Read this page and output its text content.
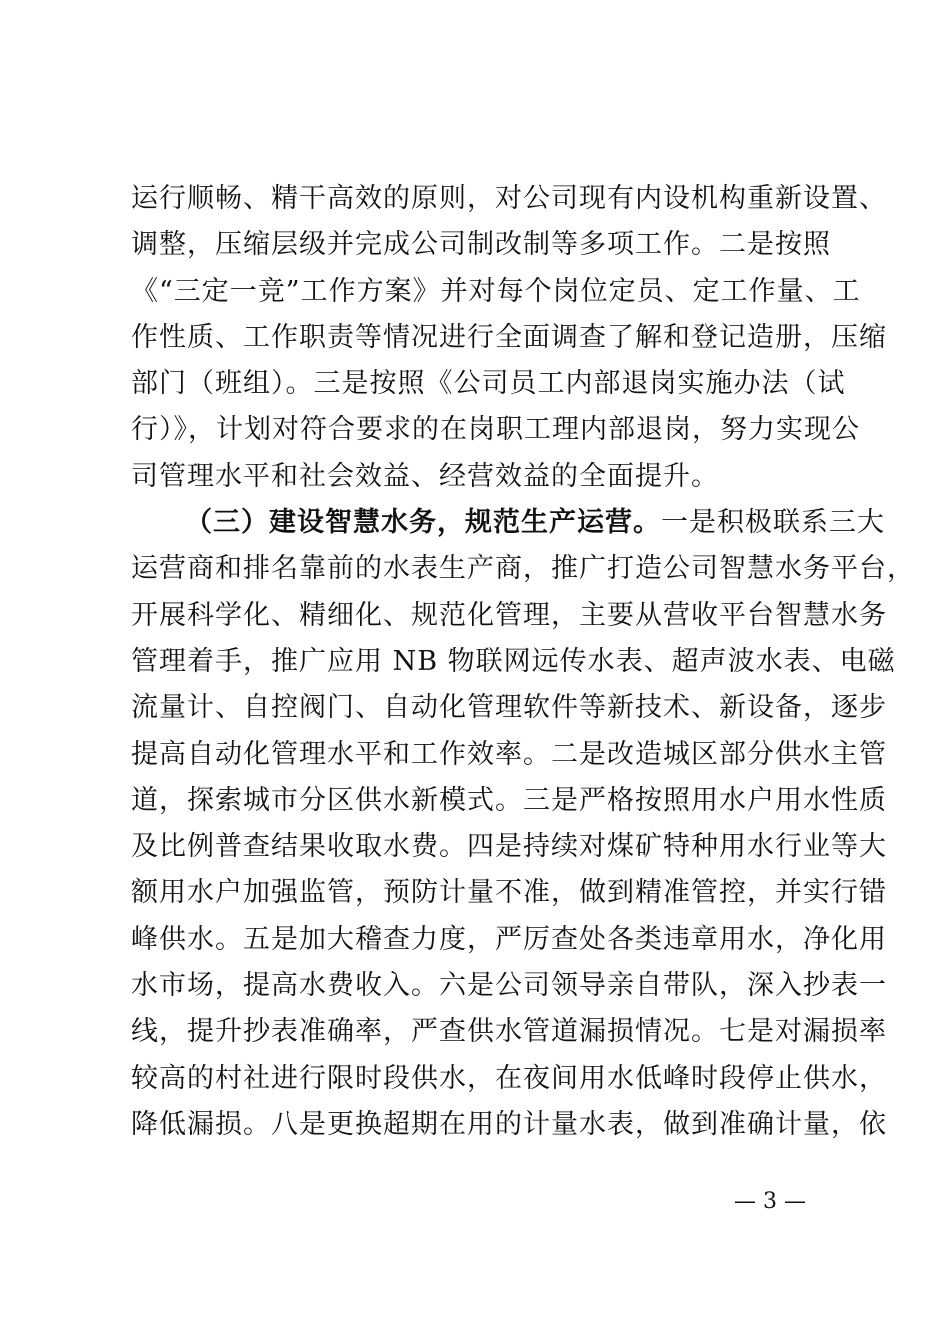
运行顺畅、精干高效的原则，对公司现有内设机构重新设置、
调整，压缩层级并完成公司制改制等多项工作。二是按照
《“三定一竞”工作方案》并对每个岗位定员、定工作量、工
作性质、工作职责等情况进行全面调查了解和登记造册，压缩
部门（班组）。三是按照《公司员工内部退岗实施办法（试
行）》，计划对符合要求的在岗职工理内部退岗，努力实现公
司管理水平和社会效益、经营效益的全面提升。
（三）建设智慧水务，规范生产运营。一是积极联系三大
运营商和排名靠前的水表生产商，推广打造公司智慧水务平台，
开展科学化、精细化、规范化管理，主要从营收平台智慧水务
管理着手，推广应用 NB 物联网远传水表、超声波水表、电磁
流量计、自控阀门、自动化管理软件等新技术、新设备，逐步
提高自动化管理水平和工作效率。二是改造城区部分供水主管
道，探索城市分区供水新模式。三是严格按照用水户用水性质
及比例普查结果收取水费。四是持续对煤矿特种用水行业等大
额用水户加强监管，预防计量不准，做到精准管控，并实行错
峰供水。五是加大稽查力度，严厉查处各类违章用水，净化用
水市场，提高水费收入。六是公司领导亲自带队，深入抄表一
线，提升抄表准确率，严查供水管道漏损情况。七是对漏损率
较高的村社进行限时段供水，在夜间用水低峰时段停止供水，
降低漏损。八是更换超期在用的计量水表，做到准确计量，依
— 3 —
